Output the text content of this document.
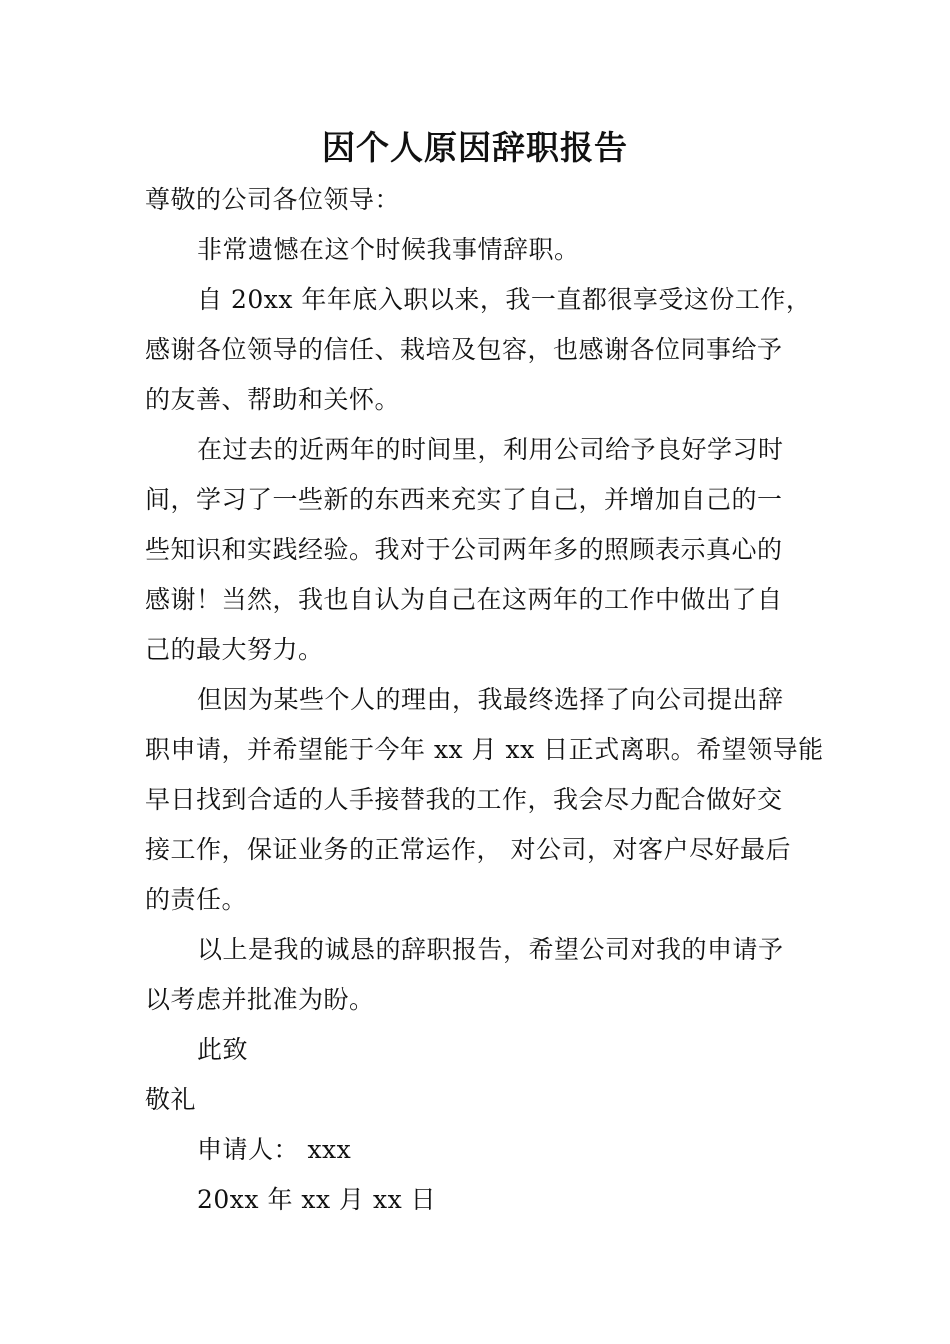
因个人原因辞职报告
尊敬的公司各位领导：
非常遗憾在这个时候我事情辞职。
自 20xx 年年底入职以来，我一直都很享受这份工作，
感谢各位领导的信任、栽培及包容，也感谢各位同事给予
的友善、帮助和关怀。
在过去的近两年的时间里，利用公司给予良好学习时
间，学习了一些新的东西来充实了自己，并增加自己的一
些知识和实践经验。我对于公司两年多的照顾表示真心的
感谢！当然，我也自认为自己在这两年的工作中做出了自
己的最大努力。
但因为某些个人的理由，我最终选择了向公司提出辞
职申请，并希望能于今年 xx 月 xx 日正式离职。希望领导能
早日找到合适的人手接替我的工作，我会尽力配合做好交
接工作，保证业务的正常运作， 对公司，对客户尽好最后
的责任。
以上是我的诚恳的辞职报告，希望公司对我的申请予
以考虑并批准为盼。
此致
敬礼
申请人： xxx
20xx 年 xx 月 xx 日
